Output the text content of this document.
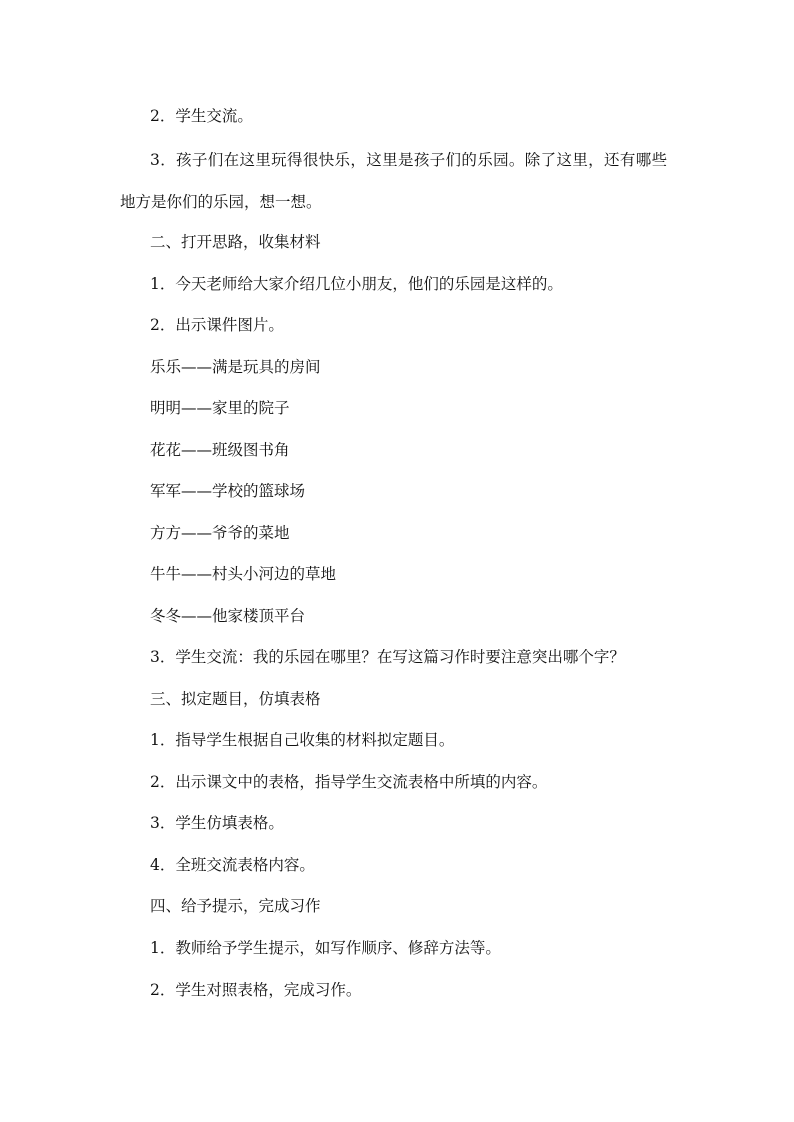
2．学生交流。
3．孩子们在这里玩得很快乐，这里是孩子们的乐园。除了这里，还有哪些
地方是你们的乐园，想一想。
二、打开思路，收集材料
1．今天老师给大家介绍几位小朋友，他们的乐园是这样的。
2．出示课件图片。
乐乐——满是玩具的房间
明明——家里的院子
花花——班级图书角
军军——学校的篮球场
方方——爷爷的菜地
牛牛——村头小河边的草地
冬冬——他家楼顶平台
3．学生交流：我的乐园在哪里？在写这篇习作时要注意突出哪个字？
三、拟定题目，仿填表格
1．指导学生根据自己收集的材料拟定题目。
2．出示课文中的表格，指导学生交流表格中所填的内容。
3．学生仿填表格。
4．全班交流表格内容。
四、给予提示，完成习作
1．教师给予学生提示，如写作顺序、修辞方法等。
2．学生对照表格，完成习作。
